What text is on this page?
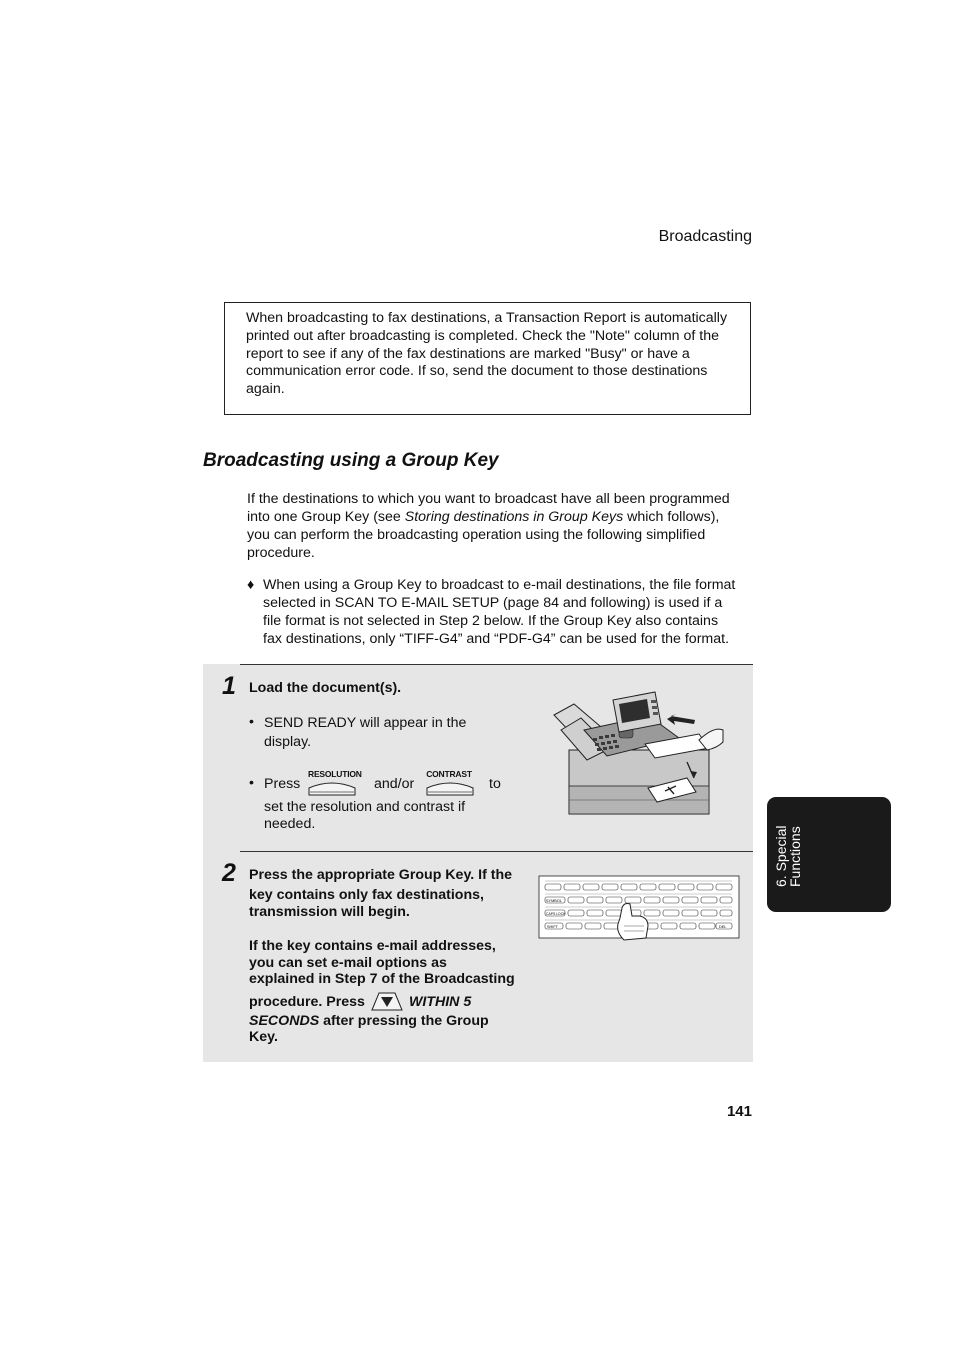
Broadcasting
When broadcasting to fax destinations, a Transaction Report is automatically
printed out after broadcasting is completed. Check the "Note" column of the
report to see if any of the fax destinations are marked "Busy" or have a
communication error code. If so, send the document to those destinations
again.
Broadcasting using a Group Key
If the destinations to which you want to broadcast have all been programmed
into one Group Key (see Storing destinations in Group Keys which follows),
you can perform the broadcasting operation using the following simplified
procedure.
♦ When using a Group Key to broadcast to e-mail destinations, the file format
selected in SCAN TO E-MAIL SETUP (page 84 and following) is used if a
file format is not selected in Step 2 below. If the Group Key also contains
fax destinations, only “TIFF-G4” and “PDF-G4” can be used for the format.
1 Load the document(s).
• SEND READY will appear in the
display.
• Press
RESOLUTION
and/or
CONTRAST
to
set the resolution and contrast if
needed.
2 Press the appropriate Group Key. If the
key contains only fax destinations,
transmission will begin.
If the key contains e-mail addresses,
you can set e-mail options as
explained in Step 7 of the Broadcasting
procedure. Press	WITHIN 5
SECONDS after pressing the Group
Key.
SYMBOL
CAPS LOCK
SHIFT	DEL
6. Special
Functions
141
